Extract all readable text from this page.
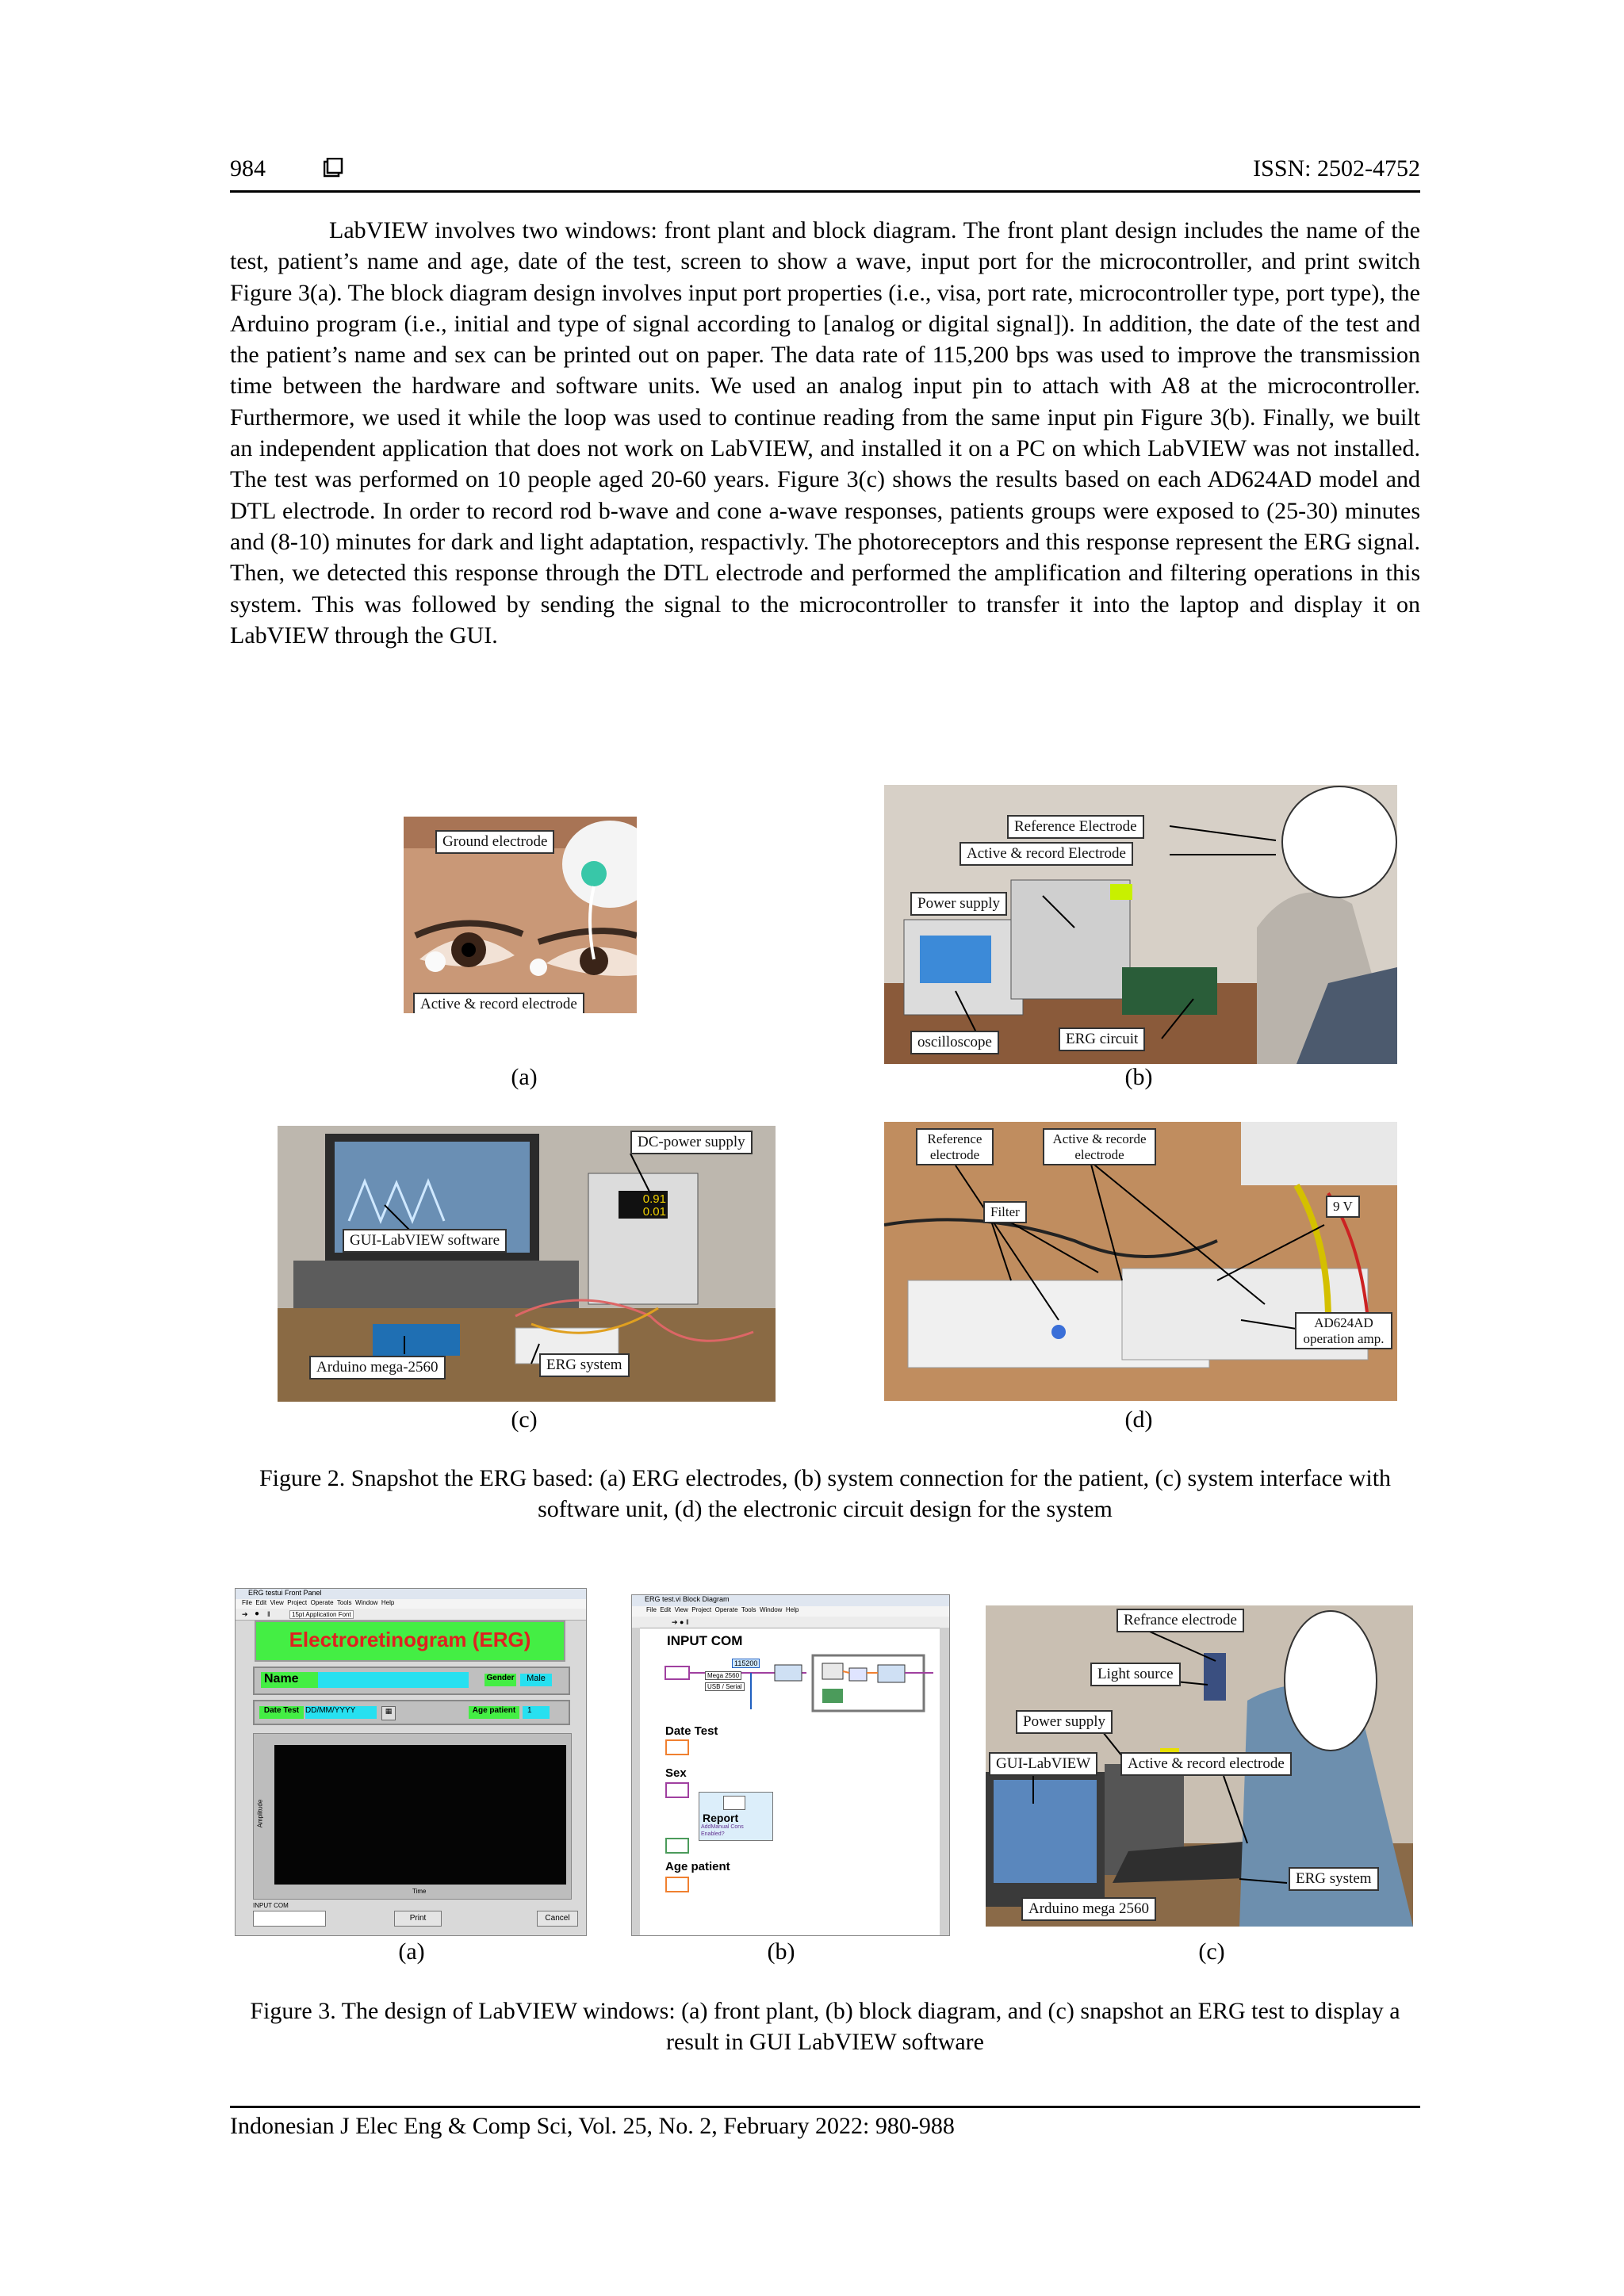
984	ISSN: 2502-4752
LabVIEW involves two windows: front plant and block diagram. The front plant design includes the name of the test, patient’s name and age, date of the test, screen to show a wave, input port for the microcontroller, and print switch Figure 3(a). The block diagram design involves input port properties (i.e., visa, port rate, microcontroller type, port type), the Arduino program (i.e., initial and type of signal according to [analog or digital signal]). In addition, the date of the test and the patient’s name and sex can be printed out on paper. The data rate of 115,200 bps was used to improve the transmission time between the hardware and software units. We used an analog input pin to attach with A8 at the microcontroller. Furthermore, we used it while the loop was used to continue reading from the same input pin Figure 3(b). Finally, we built an independent application that does not work on LabVIEW, and installed it on a PC on which LabVIEW was not installed. The test was performed on 10 people aged 20-60 years. Figure 3(c) shows the results based on each AD624AD model and DTL electrode. In order to record rod b-wave and cone a-wave responses, patients groups were exposed to (25-30) minutes and (8-10) minutes for dark and light adaptation, respactivly. The photoreceptors and this response represent the ERG signal. Then, we detected this response through the DTL electrode and performed the amplification and filtering operations in this system. This was followed by sending the signal to the microcontroller to transfer it into the laptop and display it on LabVIEW through the GUI.
Ground electrode
Active & record electrode
(a)
Reference Electrode
Active & record Electrode
Power supply
oscilloscope	ERG circuit
(b)
0.91
0.01
DC-power supply
GUI-LabVIEW software
Arduino mega-2560	ERG system
(c)
Reference electrode
Active & recorde electrode
Filter	9 V
AD624AD operation amp.
(d)
Figure 2. Snapshot the ERG based: (a) ERG electrodes, (b) system connection for the patient, (c) system interface with software unit, (d) the electronic circuit design for the system
ERG testui Front Panel
File Edit View Project Operate Tools Window Help
➔ ● ‖	15pt Application Font
Electroretinogram (ERG)
Name	Gender	Male
Date Test DD/MM/YYYY	▦	Age patient	1
Amplitude
Time
INPUT COM
Print	Cancel
(a)
ERG test.vi Block Diagram
File Edit View Project Operate Tools Window Help
➔ ● ‖
INPUT COM
115200
Mega 2560
USB / Serial
Date Test
Sex
Report
AddManual Cons
Enabled?
Age patient
(b)
Refrance electrode
Light source
Power supply
GUI-LabVIEW	Active & record electrode
ERG system
Arduino mega 2560
(c)
Figure 3. The design of LabVIEW windows: (a) front plant, (b) block diagram, and (c) snapshot an ERG test to display a result in GUI LabVIEW software
Indonesian J Elec Eng & Comp Sci, Vol. 25, No. 2, February 2022: 980-988
